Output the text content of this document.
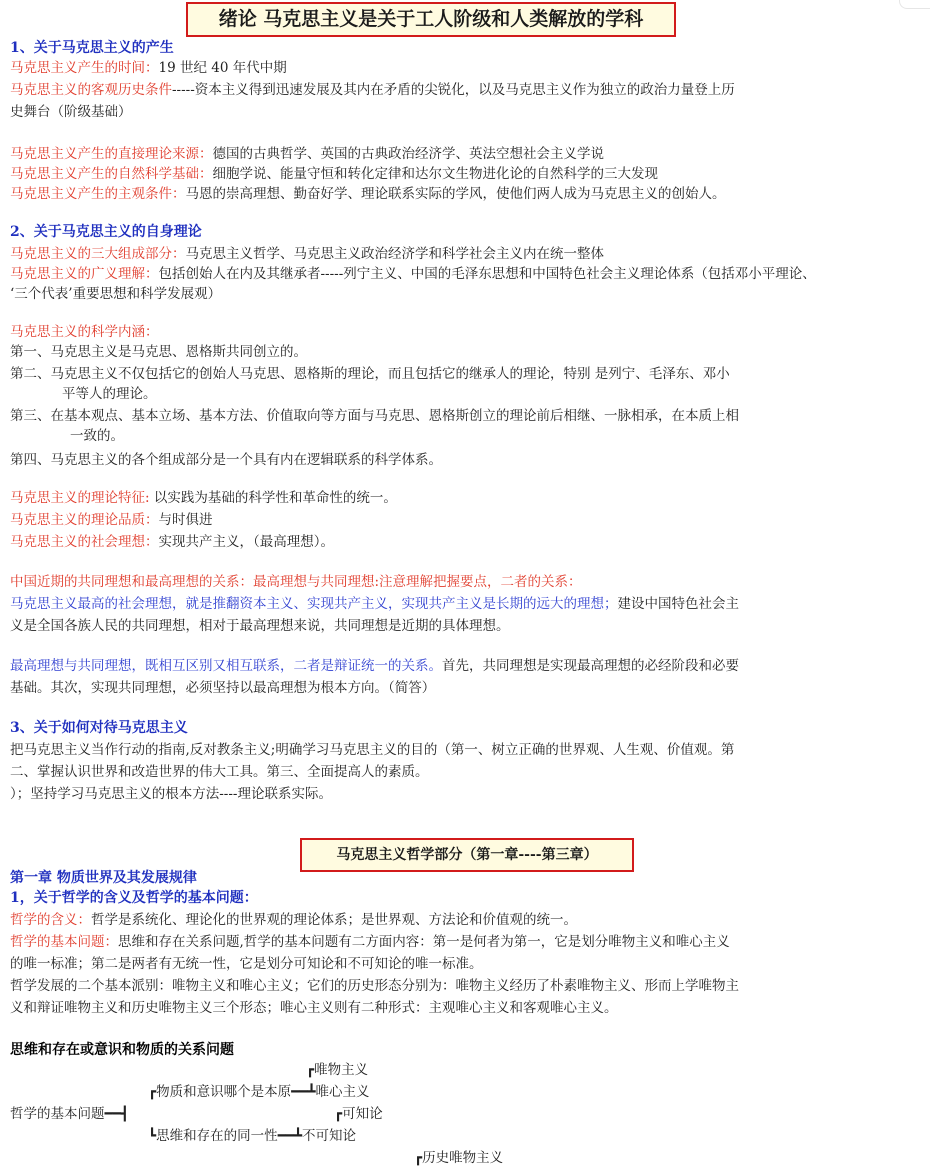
绪论 马克思主义是关于工人阶级和人类解放的学科
1、关于马克思主义的产生
马克思主义产生的时间：19 世纪 40 年代中期
马克思主义的客观历史条件-----资本主义得到迅速发展及其内在矛盾的尖锐化，以及马克思主义作为独立的政治力量登上历
史舞台（阶级基础）
马克思主义产生的直接理论来源：德国的古典哲学、英国的古典政治经济学、英法空想社会主义学说
马克思主义产生的自然科学基础：细胞学说、能量守恒和转化定律和达尔文生物进化论的自然科学的三大发现
马克思主义产生的主观条件：马恩的崇高理想、勤奋好学、理论联系实际的学风，使他们两人成为马克思主义的创始人。
2、关于马克思主义的自身理论
马克思主义的三大组成部分：马克思主义哲学、马克思主义政治经济学和科学社会主义内在统一整体
马克思主义的广义理解：包括创始人在内及其继承者-----列宁主义、中国的毛泽东思想和中国特色社会主义理论体系（包括邓小平理论、
‘三个代表’重要思想和科学发展观）
马克思主义的科学内涵：
第一、马克思主义是马克思、恩格斯共同创立的。
第二、马克思主义不仅包括它的创始人马克思、恩格斯的理论，而且包括它的继承人的理论，特别 是列宁、毛泽东、邓小
平等人的理论。
第三、在基本观点、基本立场、基本方法、价值取向等方面与马克思、恩格斯创立的理论前后相继、一脉相承，在本质上相
一致的。
第四、马克思主义的各个组成部分是一个具有内在逻辑联系的科学体系。
马克思主义的理论特征: 以实践为基础的科学性和革命性的统一。
马克思主义的理论品质：与时俱进
马克思主义的社会理想：实现共产主义，（最高理想）。
中国近期的共同理想和最高理想的关系：最高理想与共同理想:注意理解把握要点，二者的关系：
马克思主义最高的社会理想，就是推翻资本主义、实现共产主义，实现共产主义是长期的远大的理想；建设中国特色社会主
义是全国各族人民的共同理想，相对于最高理想来说，共同理想是近期的具体理想。
最高理想与共同理想，既相互区别又相互联系，二者是辩证统一的关系。首先，共同理想是实现最高理想的必经阶段和必要
基础。其次，实现共同理想，必须坚持以最高理想为根本方向。（简答）
3、关于如何对待马克思主义
把马克思主义当作行动的指南,反对教条主义;明确学习马克思主义的目的（第一、树立正确的世界观、人生观、价值观。第
二、掌握认识世界和改造世界的伟大工具。第三、全面提高人的素质。
）；坚持学习马克思主义的根本方法----理论联系实际。
马克思主义哲学部分（第一章----第三章）
第一章 物质世界及其发展规律
1，关于哲学的含义及哲学的基本问题：
哲学的含义：哲学是系统化、理论化的世界观的理论体系；是世界观、方法论和价值观的统一。
哲学的基本问题：思维和存在关系问题,哲学的基本问题有二方面内容：第一是何者为第一，它是划分唯物主义和唯心主义
的唯一标准；第二是两者有无统一性，它是划分可知论和不可知论的唯一标准。
哲学发展的二个基本派别：唯物主义和唯心主义；它们的历史形态分别为：唯物主义经历了朴素唯物主义、形而上学唯物主
义和辩证唯物主义和历史唯物主义三个形态；唯心主义则有二种形式：主观唯心主义和客观唯心主义。
思维和存在或意识和物质的关系问题
┏唯物主义
┏物质和意识哪个是本原━━┻唯心主义
哲学的基本问题━━┫	┏可知论
┗思维和存在的同一性━━┻不可知论
┏历史唯物主义
